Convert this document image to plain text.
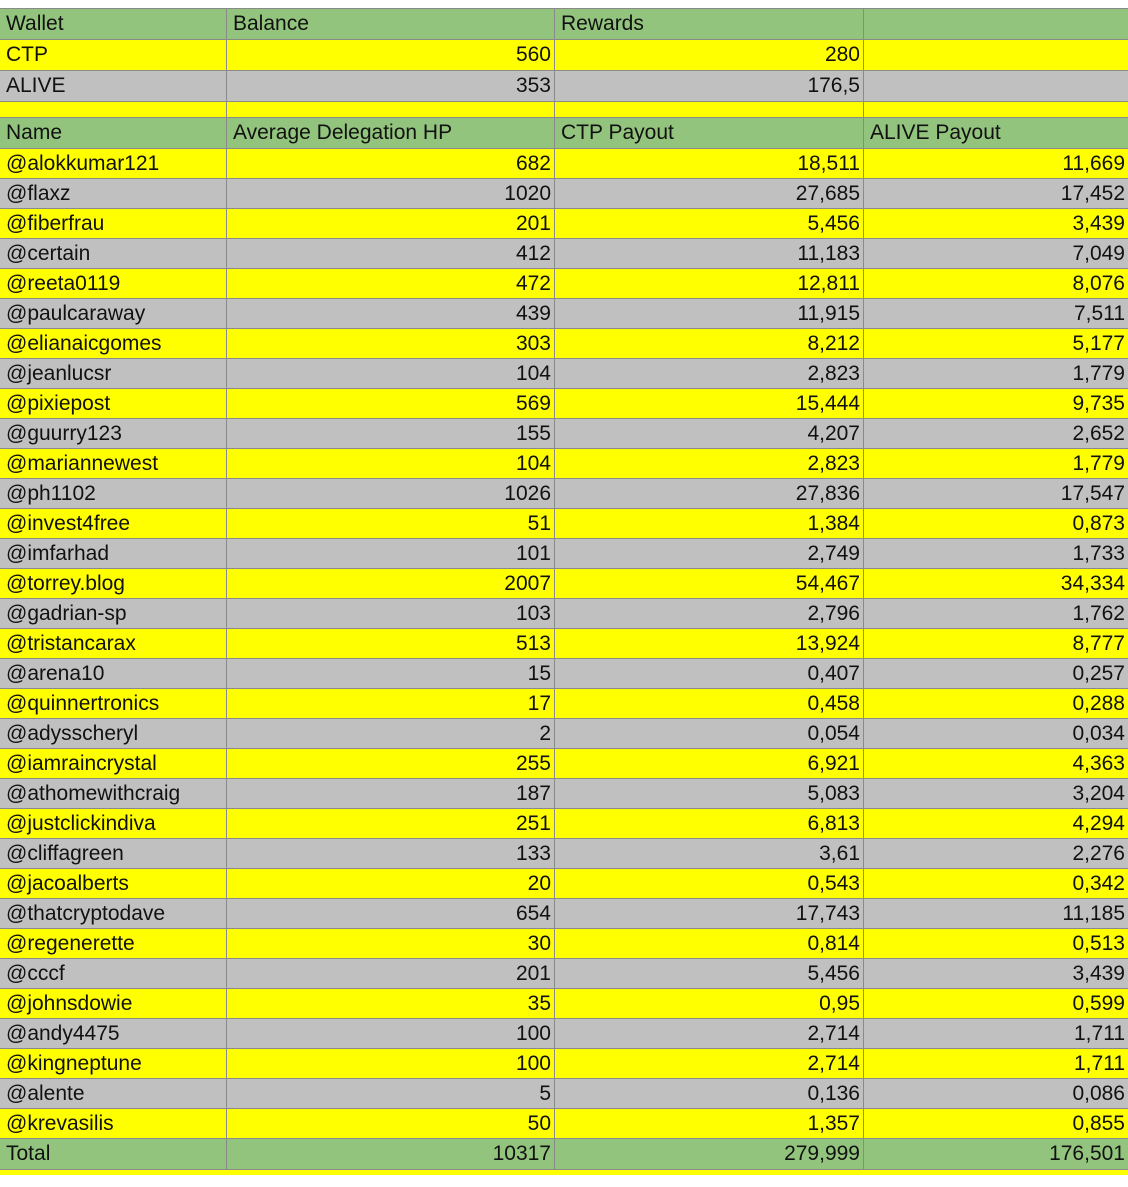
Wallet	Balance	Rewards
CTP	560	280
ALIVE	353	176,5
Name	Average Delegation HP	CTP Payout	ALIVE Payout
@alokkumar121	682	18,511	11,669
@flaxz	1020	27,685	17,452
@fiberfrau	201	5,456	3,439
@certain	412	11,183	7,049
@reeta0119	472	12,811	8,076
@paulcaraway	439	11,915	7,511
@elianaicgomes	303	8,212	5,177
@jeanlucsr	104	2,823	1,779
@pixiepost	569	15,444	9,735
@guurry123	155	4,207	2,652
@mariannewest	104	2,823	1,779
@ph1102	1026	27,836	17,547
@invest4free	51	1,384	0,873
@imfarhad	101	2,749	1,733
@torrey.blog	2007	54,467	34,334
@gadrian-sp	103	2,796	1,762
@tristancarax	513	13,924	8,777
@arena10	15	0,407	0,257
@quinnertronics	17	0,458	0,288
@adysscheryl	2	0,054	0,034
@iamraincrystal	255	6,921	4,363
@athomewithcraig	187	5,083	3,204
@justclickindiva	251	6,813	4,294
@cliffagreen	133	3,61	2,276
@jacoalberts	20	0,543	0,342
@thatcryptodave	654	17,743	11,185
@regenerette	30	0,814	0,513
@cccf	201	5,456	3,439
@johnsdowie	35	0,95	0,599
@andy4475	100	2,714	1,711
@kingneptune	100	2,714	1,711
@alente	5	0,136	0,086
@krevasilis	50	1,357	0,855
Total	10317	279,999	176,501
